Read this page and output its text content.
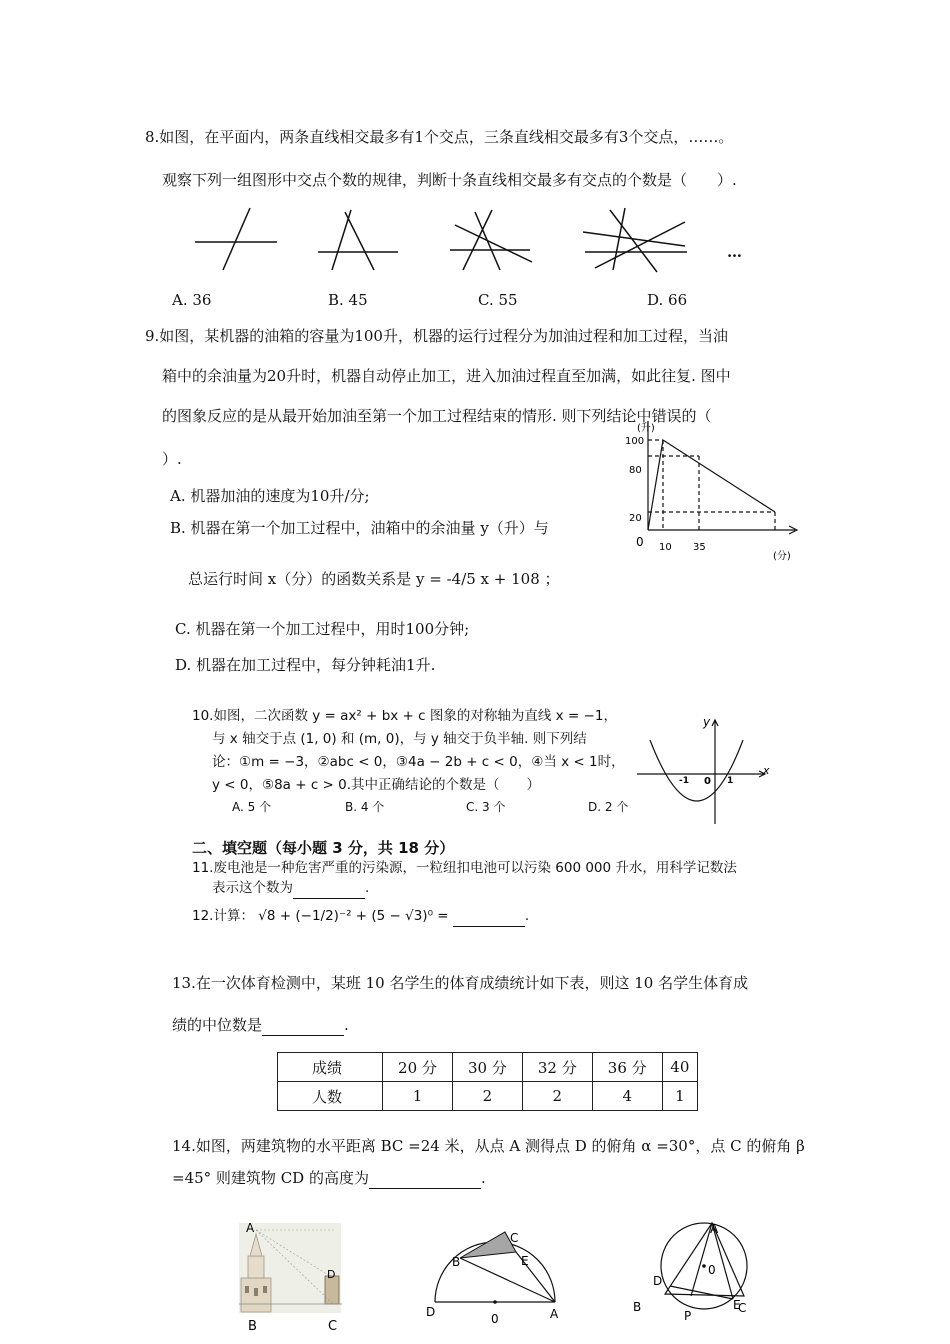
8.如图，在平面内，两条直线相交最多有1个交点，三条直线相交最多有3个交点，……。
观察下列一组图形中交点个数的规律，判断十条直线相交最多有交点的个数是（　　）.
…
A. 36	B. 45	C. 55	D. 66
9.如图，某机器的油箱的容量为100升，机器的运行过程分为加油过程和加工过程，当油
箱中的余油量为20升时，机器自动停止加工，进入加油过程直至加满，如此往复. 图中
的图象反应的是从最开始加油至第一个加工过程结束的情形. 则下列结论中错误的（
）.
A. 机器加油的速度为10升/分;
B. 机器在第一个加工过程中，油箱中的余油量 y（升）与
总运行时间 x（分）的函数关系是 y = -4/5 x + 108 ；
C. 机器在第一个加工过程中，用时100分钟;
D. 机器在加工过程中，每分钟耗油1升.
(升)
100
80
20
0 10 35
(分)
10.如图，二次函数 y = ax² + bx + c 图象的对称轴为直线 x = −1，
与 x 轴交于点 (1, 0) 和 (m, 0)，与 y 轴交于负半轴. 则下列结
论：①m = −3，②abc < 0，③4a − 2b + c < 0，④当 x < 1时，
y < 0，⑤8a + c > 0.其中正确结论的个数是（　　）
A. 5 个	B. 4 个	C. 3 个	D. 2 个
y
x
-1 0 1
二、填空题（每小题 3 分，共 18 分）
11.废电池是一种危害严重的污染源，一粒纽扣电池可以污染 600 000 升水，用科学记数法
表示这个数为	.
12.计算： √8 + (−1/2)⁻² + (5 − √3)⁰ =	.
13.在一次体育检测中，某班 10 名学生的体育成绩统计如下表，则这 10 名学生体育成
绩的中位数是	.
成绩	20 分	30 分	32 分	36 分	40
人数	1	2	2	4	1
14.如图，两建筑物的水平距离 BC =24 米，从点 A 测得点 D 的俯角 α =30°，点 C 的俯角 β
=45° 则建筑物 CD 的高度为	.
A
D
B	C
B
C
E
D	0	A
A
0
D
E
B
P
C
